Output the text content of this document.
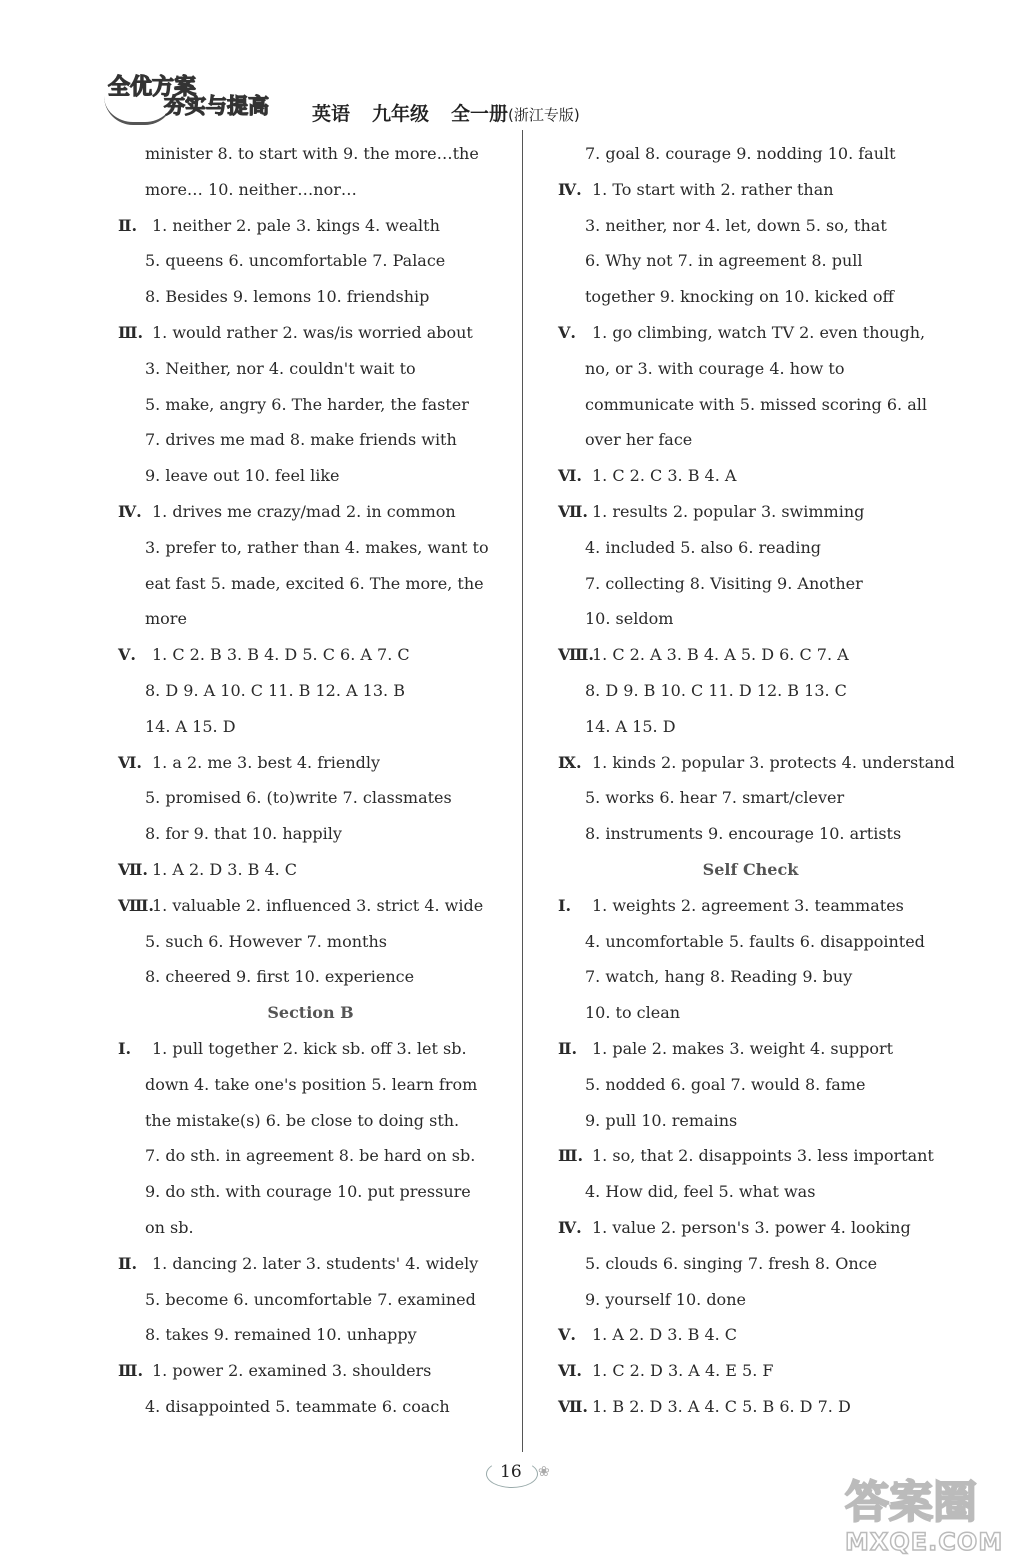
全优方案
夯实与提高 英语 九年级 全一册(浙江专版)
minister 8. to start with 9. the more…the
more… 10. neither…nor…
Ⅱ. 1. neither 2. pale 3. kings 4. wealth
5. queens 6. uncomfortable 7. Palace
8. Besides 9. lemons 10. friendship
Ⅲ. 1. would rather 2. was/is worried about
3. Neither, nor 4. couldn't wait to
5. make, angry 6. The harder, the faster
7. drives me mad 8. make friends with
9. leave out 10. feel like
Ⅳ. 1. drives me crazy/mad 2. in common
3. prefer to, rather than 4. makes, want to
eat fast 5. made, excited 6. The more, the
more
Ⅴ. 1. C 2. B 3. B 4. D 5. C 6. A 7. C
8. D 9. A 10. C 11. B 12. A 13. B
14. A 15. D
Ⅵ. 1. a 2. me 3. best 4. friendly
5. promised 6. (to)write 7. classmates
8. for 9. that 10. happily
Ⅶ. 1. A 2. D 3. B 4. C
Ⅷ.1. valuable 2. influenced 3. strict 4. wide
5. such 6. However 7. months
8. cheered 9. first 10. experience
Section B
Ⅰ. 1. pull together 2. kick sb. off 3. let sb.
down 4. take one's position 5. learn from
the mistake(s) 6. be close to doing sth.
7. do sth. in agreement 8. be hard on sb.
9. do sth. with courage 10. put pressure
on sb.
Ⅱ. 1. dancing 2. later 3. students' 4. widely
5. become 6. uncomfortable 7. examined
8. takes 9. remained 10. unhappy
Ⅲ. 1. power 2. examined 3. shoulders
4. disappointed 5. teammate 6. coach
7. goal 8. courage 9. nodding 10. fault
Ⅳ. 1. To start with 2. rather than
3. neither, nor 4. let, down 5. so, that
6. Why not 7. in agreement 8. pull
together 9. knocking on 10. kicked off
Ⅴ. 1. go climbing, watch TV 2. even though,
no, or 3. with courage 4. how to
communicate with 5. missed scoring 6. all
over her face
Ⅵ. 1. C 2. C 3. B 4. A
Ⅶ. 1. results 2. popular 3. swimming
4. included 5. also 6. reading
7. collecting 8. Visiting 9. Another
10. seldom
Ⅷ.1. C 2. A 3. B 4. A 5. D 6. C 7. A
8. D 9. B 10. C 11. D 12. B 13. C
14. A 15. D
Ⅸ. 1. kinds 2. popular 3. protects 4. understand
5. works 6. hear 7. smart/clever
8. instruments 9. encourage 10. artists
Self Check
Ⅰ. 1. weights 2. agreement 3. teammates
4. uncomfortable 5. faults 6. disappointed
7. watch, hang 8. Reading 9. buy
10. to clean
Ⅱ. 1. pale 2. makes 3. weight 4. support
5. nodded 6. goal 7. would 8. fame
9. pull 10. remains
Ⅲ. 1. so, that 2. disappoints 3. less important
4. How did, feel 5. what was
Ⅳ. 1. value 2. person's 3. power 4. looking
5. clouds 6. singing 7. fresh 8. Once
9. yourself 10. done
Ⅴ. 1. A 2. D 3. B 4. C
Ⅵ. 1. C 2. D 3. A 4. E 5. F
Ⅶ. 1. B 2. D 3. A 4. C 5. B 6. D 7. D
16 ❀
答案圈
MXQE.COM
